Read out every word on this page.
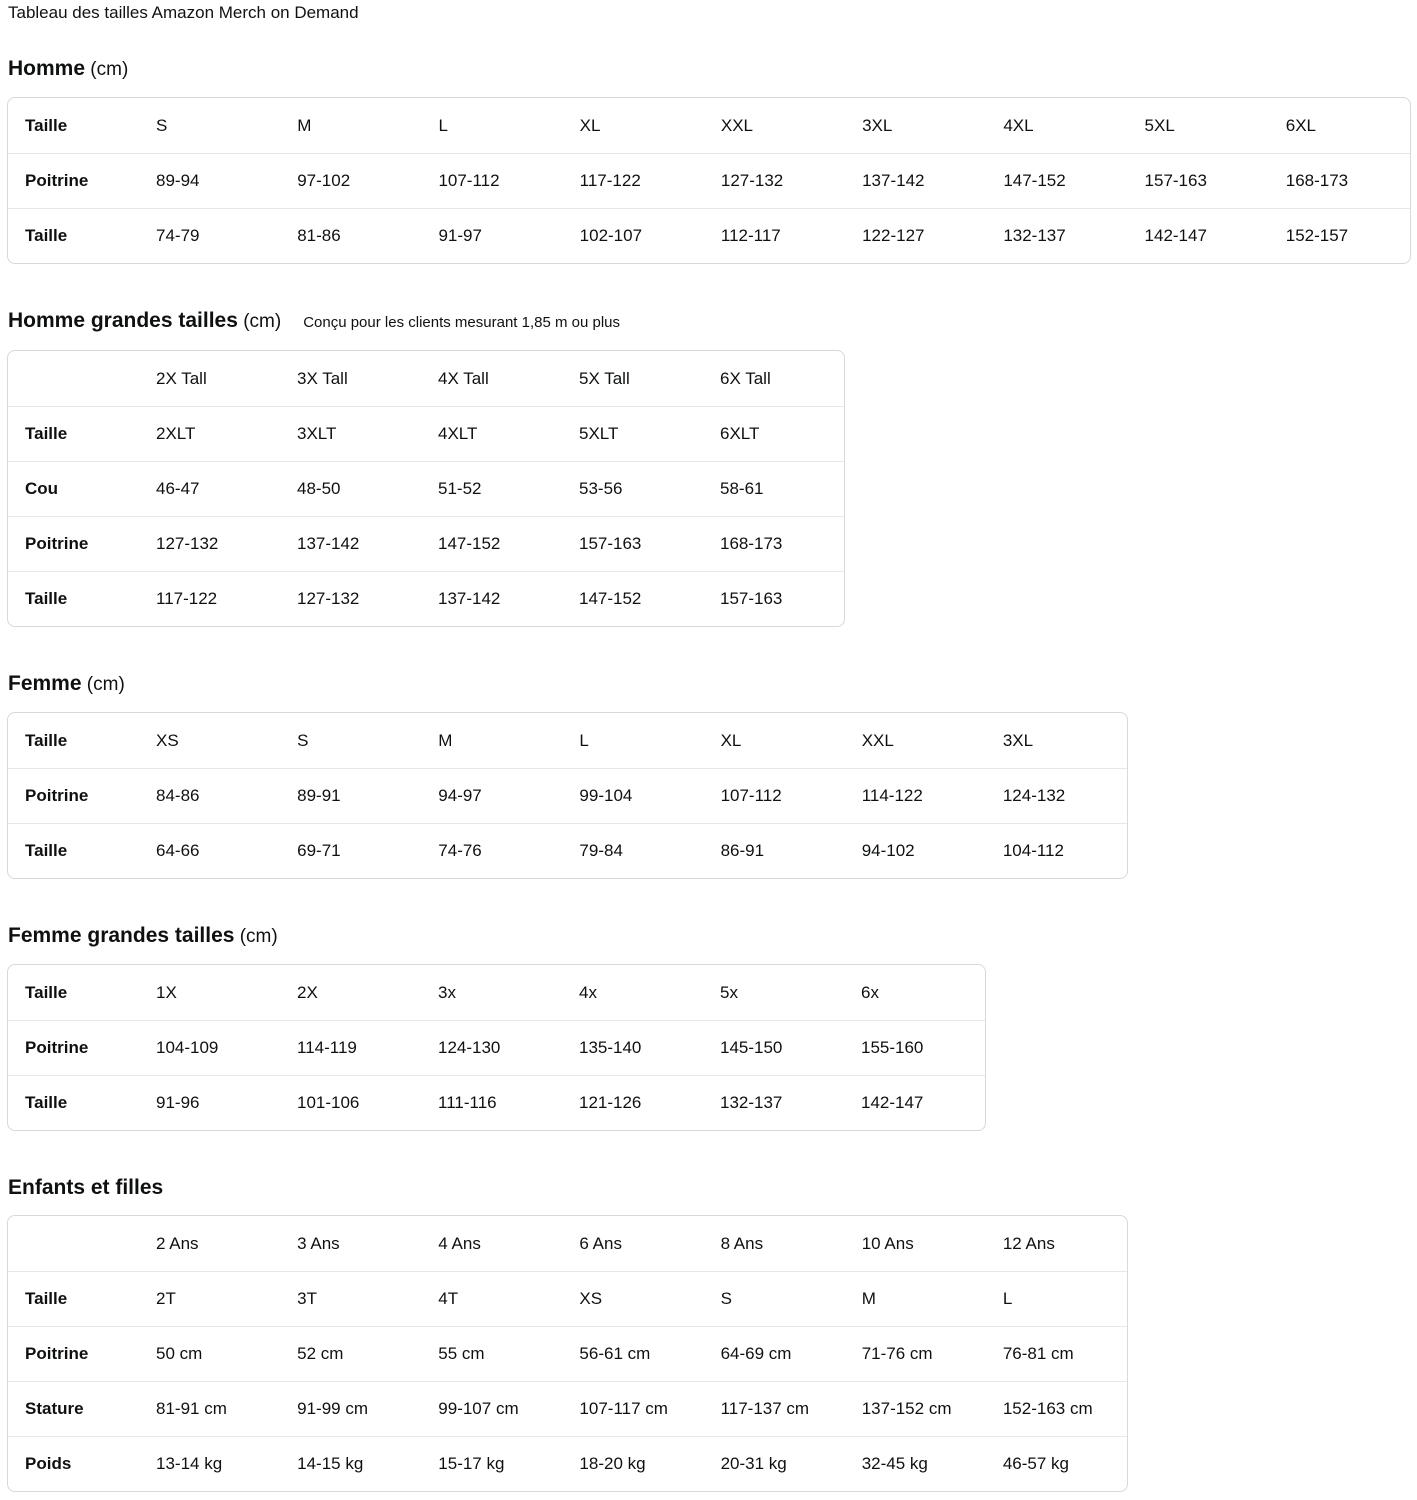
Tableau des tailles Amazon Merch on Demand
Homme (cm)
Taille	S	M	L	XL	XXL	3XL	4XL	5XL	6XL
Poitrine	89-94	97-102	107-112	117-122	127-132	137-142	147-152	157-163	168-173
Taille	74-79	81-86	91-97	102-107	112-117	122-127	132-137	142-147	152-157
Homme grandes tailles (cm) Conçu pour les clients mesurant 1,85 m ou plus
	2X Tall	3X Tall	4X Tall	5X Tall	6X Tall
Taille	2XLT	3XLT	4XLT	5XLT	6XLT
Cou	46-47	48-50	51-52	53-56	58-61
Poitrine	127-132	137-142	147-152	157-163	168-173
Taille	117-122	127-132	137-142	147-152	157-163
Femme (cm)
Taille	XS	S	M	L	XL	XXL	3XL
Poitrine	84-86	89-91	94-97	99-104	107-112	114-122	124-132
Taille	64-66	69-71	74-76	79-84	86-91	94-102	104-112
Femme grandes tailles (cm)
Taille	1X	2X	3x	4x	5x	6x
Poitrine	104-109	114-119	124-130	135-140	145-150	155-160
Taille	91-96	101-106	111-116	121-126	132-137	142-147
Enfants et filles
	2 Ans	3 Ans	4 Ans	6 Ans	8 Ans	10 Ans	12 Ans
Taille	2T	3T	4T	XS	S	M	L
Poitrine	50 cm	52 cm	55 cm	56-61 cm	64-69 cm	71-76 cm	76-81 cm
Stature	81-91 cm	91-99 cm	99-107 cm	107-117 cm	117-137 cm	137-152 cm	152-163 cm
Poids	13-14 kg	14-15 kg	15-17 kg	18-20 kg	20-31 kg	32-45 kg	46-57 kg
